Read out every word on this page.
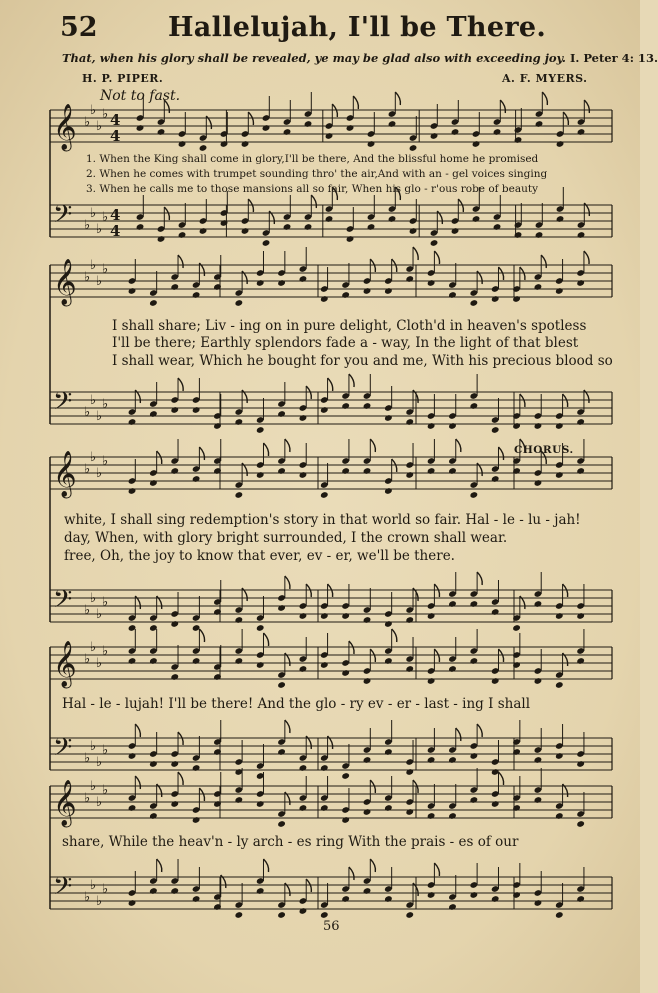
52	Hallelujah, I'll be There.
That, when his glory shall be revealed, ye may be glad also with exceeding joy. I. Peter 4: 13.
H. P. PIPER.	A. F. MYERS.
Not to fast.
CHORUS.
𝄞 ♭
♭
♭
♭ 4
4
𝄢 ♭
♭
♭
♭ 4
4
𝄞 ♭
♭
♭
♭
𝄢 ♭
♭
♭
♭
𝄞 ♭
♭
♭
♭
𝄢 ♭
♭
♭
♭
𝄞 ♭
♭
♭
♭
𝄢 ♭
♭
♭
♭
𝄞 ♭
♭
♭
♭
𝄢 ♭
♭
♭
♭
1. When the King shall come in glory,I'll be there, And the blissful home he promised
2. When he comes with trumpet sounding thro' the air,And with an - gel voices singing
3. When he calls me to those mansions all so fair, When his glo - r'ous robe of beauty
I shall share; Liv - ing on in pure delight, Cloth'd in heaven's spotless
I'll be there; Earthly splendors fade a - way, In the light of that blest
I shall wear, Which he bought for you and me, With his precious blood so
white, I shall sing redemption's story in that world so fair. Hal - le - lu - jah!
day, When, with glory bright surrounded, I the crown shall wear.
free, Oh, the joy to know that ever, ev - er, we'll be there.
Hal - le - lujah! I'll be there! And the glo - ry ev - er - last - ing I shall
share, While the heav'n - ly arch - es ring With the prais - es of our
56
